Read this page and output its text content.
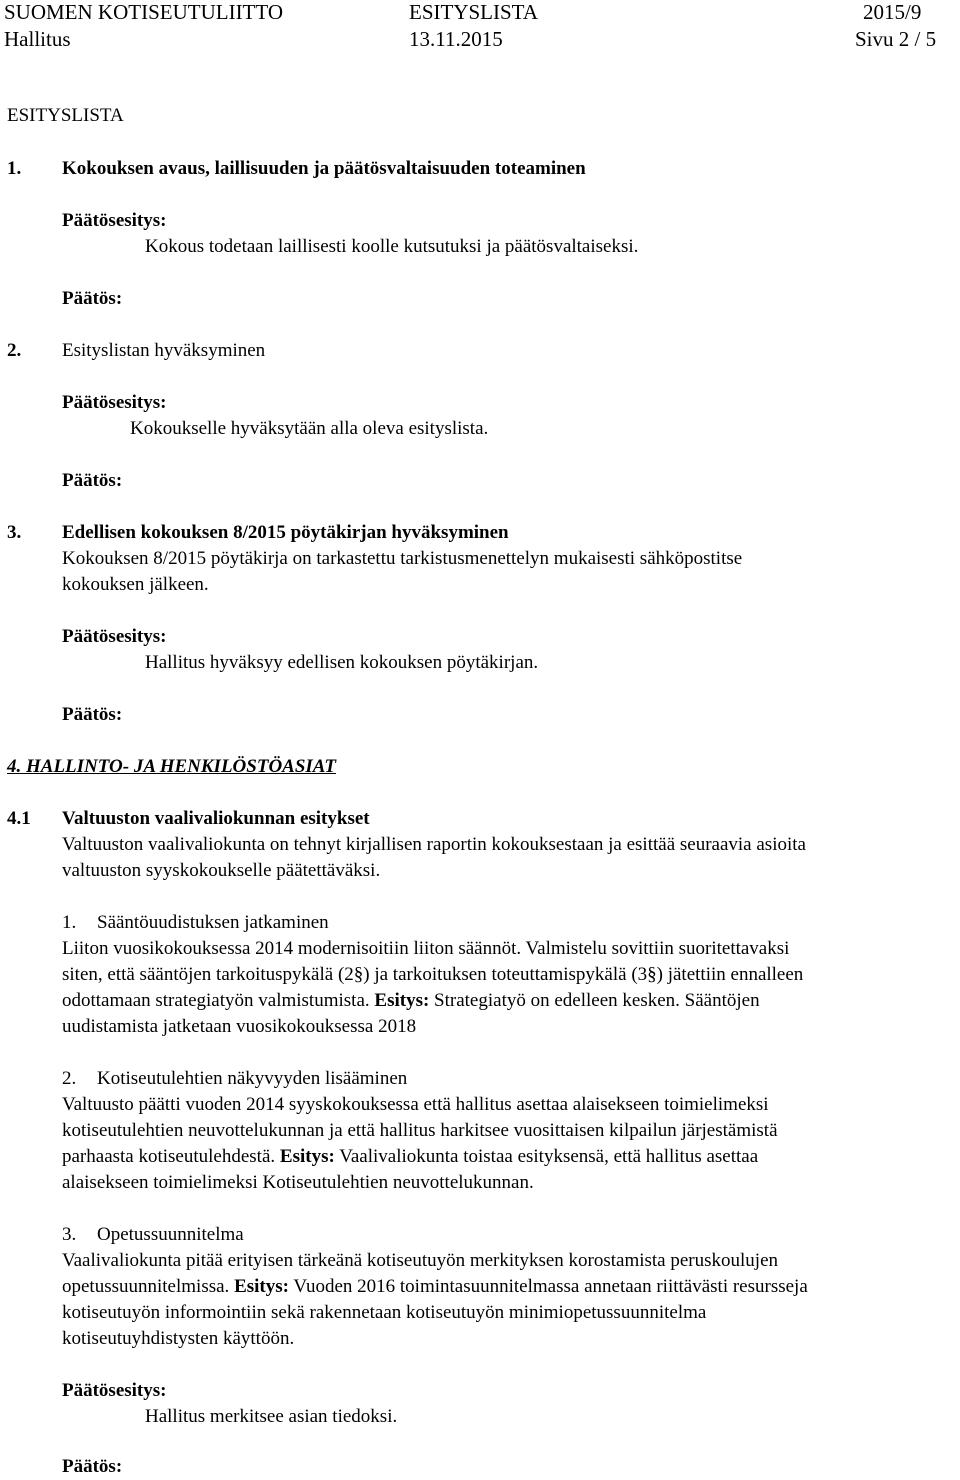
SUOMEN KOTISEUTULIITTO	ESITYSLISTA	2015/9
Hallitus	13.11.2015	Sivu 2 / 5
ESITYSLISTA
1. Kokouksen avaus, laillisuuden ja päätösvaltaisuuden toteaminen
Päätösesitys:
Kokous todetaan laillisesti koolle kutsutuksi ja päätösvaltaiseksi.
Päätös:
2. Esityslistan hyväksyminen
Päätösesitys:
Kokoukselle hyväksytään alla oleva esityslista.
Päätös:
3. Edellisen kokouksen 8/2015 pöytäkirjan hyväksyminen
Kokouksen 8/2015 pöytäkirja on tarkastettu tarkistusmenettelyn mukaisesti sähköpostitse
kokouksen jälkeen.
Päätösesitys:
Hallitus hyväksyy edellisen kokouksen pöytäkirjan.
Päätös:
4. HALLINTO- JA HENKILÖSTÖASIAT
4.1 Valtuuston vaalivaliokunnan esitykset
Valtuuston vaalivaliokunta on tehnyt kirjallisen raportin kokouksestaan ja esittää seuraavia asioita
valtuuston syyskokoukselle päätettäväksi.
1. Sääntöuudistuksen jatkaminen
Liiton vuosikokouksessa 2014 modernisoitiin liiton säännöt. Valmistelu sovittiin suoritettavaksi
siten, että sääntöjen tarkoituspykälä (2§) ja tarkoituksen toteuttamispykälä (3§) jätettiin ennalleen
odottamaan strategiatyön valmistumista. Esitys: Strategiatyö on edelleen kesken. Sääntöjen
uudistamista jatketaan vuosikokouksessa 2018
2. Kotiseutulehtien näkyvyyden lisääminen
Valtuusto päätti vuoden 2014 syyskokouksessa että hallitus asettaa alaisekseen toimielimeksi
kotiseutulehtien neuvottelukunnan ja että hallitus harkitsee vuosittaisen kilpailun järjestämistä
parhaasta kotiseutulehdestä. Esitys: Vaalivaliokunta toistaa esityksensä, että hallitus asettaa
alaisekseen toimielimeksi Kotiseutulehtien neuvottelukunnan.
3. Opetussuunnitelma
Vaalivaliokunta pitää erityisen tärkeänä kotiseutuyön merkityksen korostamista peruskoulujen
opetussuunnitelmissa. Esitys: Vuoden 2016 toimintasuunnitelmassa annetaan riittävästi resursseja
kotiseutuyön informointiin sekä rakennetaan kotiseutuyön minimiopetussuunnitelma
kotiseutuyhdistysten käyttöön.
Päätösesitys:
Hallitus merkitsee asian tiedoksi.
Päätös:
